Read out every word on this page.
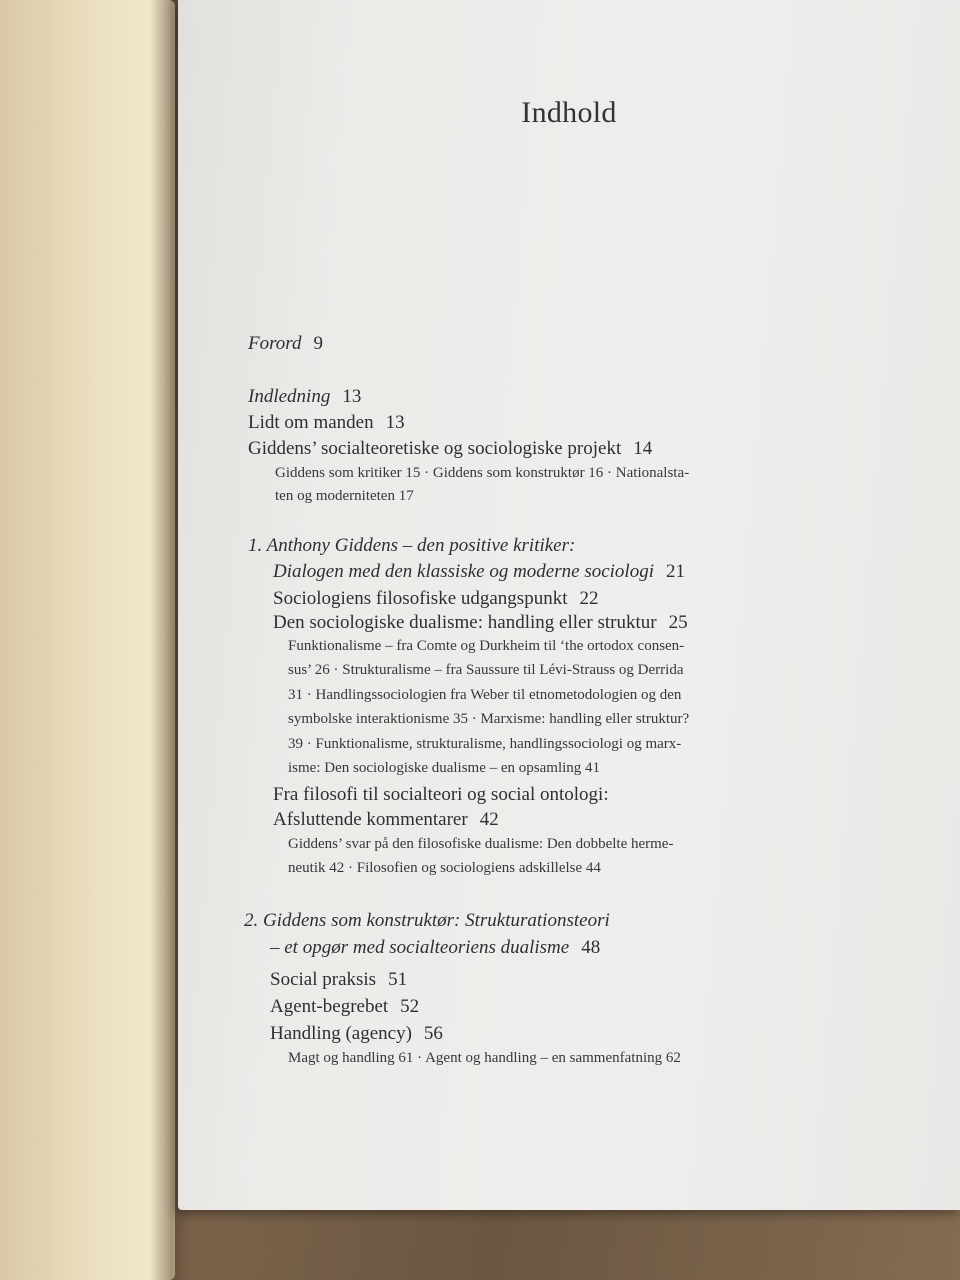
Indhold
Forord 9
Indledning 13
Lidt om manden 13
Giddens’ socialteoretiske og sociologiske projekt 14
Giddens som kritiker 15 · Giddens som konstruktør 16 · Nationalsta-
ten og moderniteten 17
1. Anthony Giddens – den positive kritiker:
Dialogen med den klassiske og moderne sociologi 21
Sociologiens filosofiske udgangspunkt 22
Den sociologiske dualisme: handling eller struktur 25
Funktionalisme – fra Comte og Durkheim til ‘the ortodox consen-
sus’ 26 · Strukturalisme – fra Saussure til Lévi-Strauss og Derrida
31 · Handlingssociologien fra Weber til etnometodologien og den
symbolske interaktionisme 35 · Marxisme: handling eller struktur?
39 · Funktionalisme, strukturalisme, handlingssociologi og marx-
isme: Den sociologiske dualisme – en opsamling 41
Fra filosofi til socialteori og social ontologi:
Afsluttende kommentarer 42
Giddens’ svar på den filosofiske dualisme: Den dobbelte herme-
neutik 42 · Filosofien og sociologiens adskillelse 44
2. Giddens som konstruktør: Strukturationsteori
– et opgør med socialteoriens dualisme 48
Social praksis 51
Agent-begrebet 52
Handling (agency) 56
Magt og handling 61 · Agent og handling – en sammenfatning 62
